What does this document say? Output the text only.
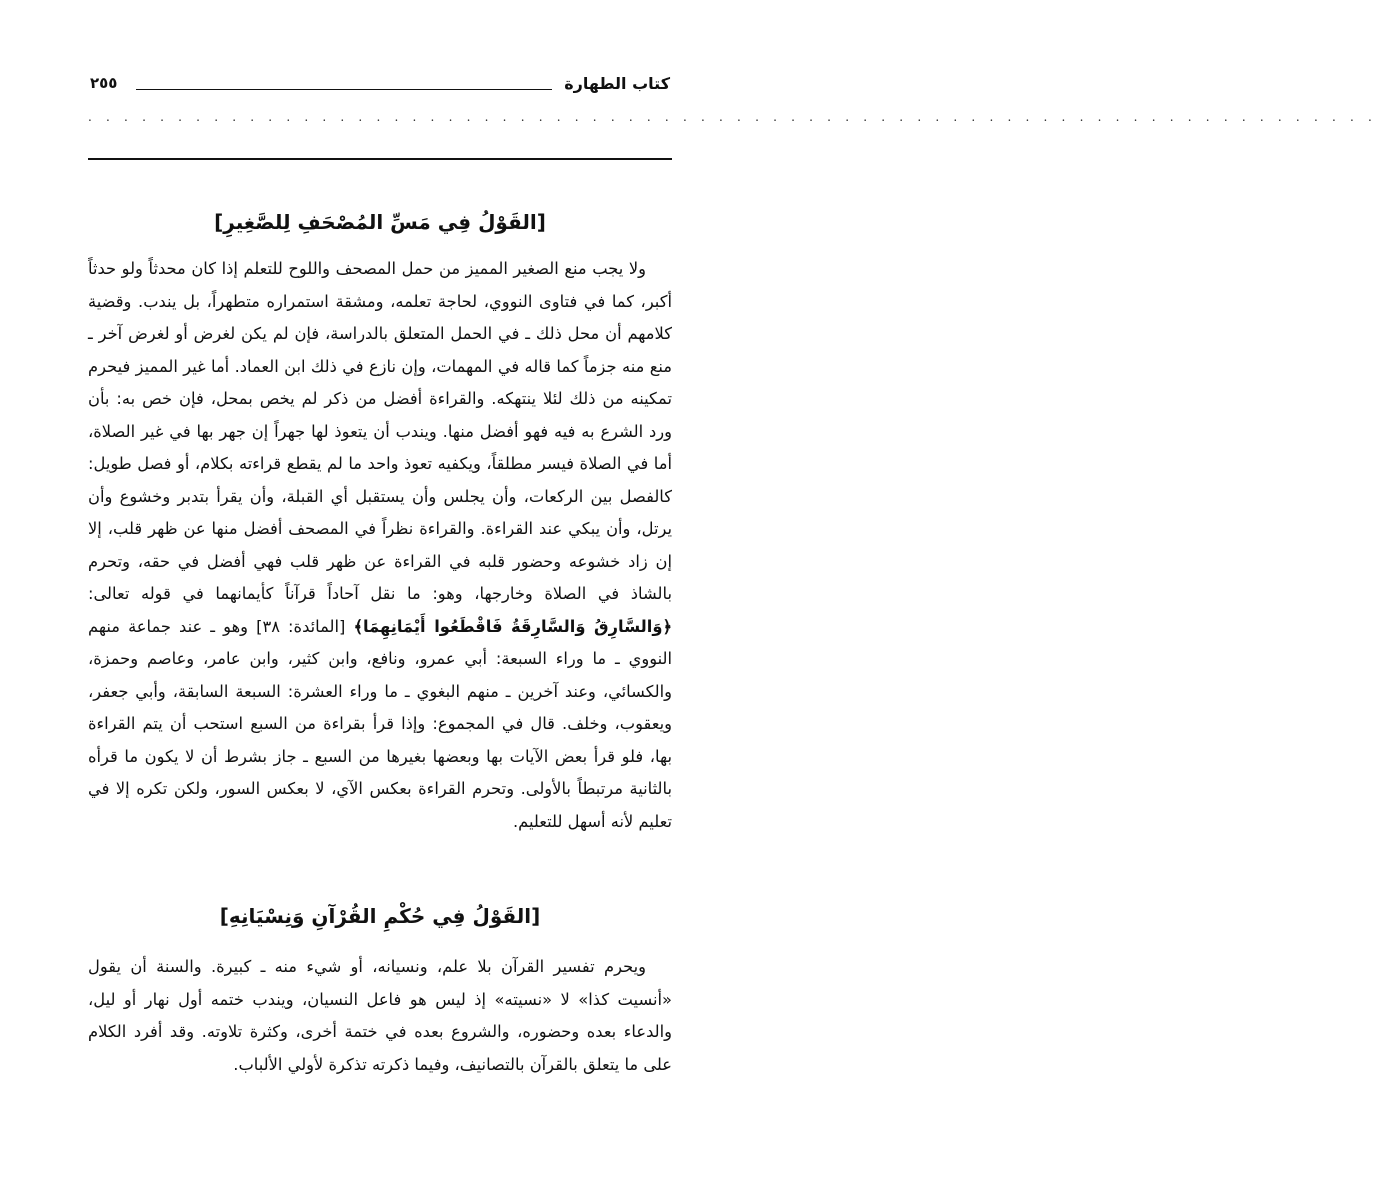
كتاب الطهارة
٢٥٥
. . . . . . . . . . . . . . . . . . . . . . . . . . . . . . . . . . . . . . . . . . . . . . . . . . . . . . . . . . . . . . . . . . . . . . . .
[القَوْلُ فِي مَسِّ المُصْحَفِ لِلصَّغِيرِ]
ولا يجب منع الصغير المميز من حمل المصحف واللوح للتعلم إذا كان محدثاً ولو حدثاً أكبر، كما في فتاوى النووي، لحاجة تعلمه، ومشقة استمراره متطهراً، بل يندب. وقضية كلامهم أن محل ذلك ـ في الحمل المتعلق بالدراسة، فإن لم يكن لغرض أو لغرض آخر ـ منع منه جزماً كما قاله في المهمات، وإن نازع في ذلك ابن العماد. أما غير المميز فيحرم تمكينه من ذلك لئلا ينتهكه. والقراءة أفضل من ذكر لم يخص بمحل، فإن خص به: بأن ورد الشرع به فيه فهو أفضل منها. ويندب أن يتعوذ لها جهراً إن جهر بها في غير الصلاة، أما في الصلاة فيسر مطلقاً، ويكفيه تعوذ واحد ما لم يقطع قراءته بكلام، أو فصل طويل: كالفصل بين الركعات، وأن يجلس وأن يستقبل أي القبلة، وأن يقرأ بتدبر وخشوع وأن يرتل، وأن يبكي عند القراءة. والقراءة نظراً في المصحف أفضل منها عن ظهر قلب، إلا إن زاد خشوعه وحضور قلبه في القراءة عن ظهر قلب فهي أفضل في حقه، وتحرم بالشاذ في الصلاة وخارجها، وهو: ما نقل آحاداً قرآناً كأيمانهما في قوله تعالى: ﴿وَالسَّارِقُ وَالسَّارِقَةُ فَاقْطَعُوا أَيْمَانِهِمَا﴾ [المائدة: ٣٨] وهو ـ عند جماعة منهم النووي ـ ما وراء السبعة: أبي عمرو، ونافع، وابن كثير، وابن عامر، وعاصم وحمزة، والكسائي، وعند آخرين ـ منهم البغوي ـ ما وراء العشرة: السبعة السابقة، وأبي جعفر، ويعقوب، وخلف. قال في المجموع: وإذا قرأ بقراءة من السبع استحب أن يتم القراءة بها، فلو قرأ بعض الآيات بها وبعضها بغيرها من السبع ـ جاز بشرط أن لا يكون ما قرأه بالثانية مرتبطاً بالأولى. وتحرم القراءة بعكس الآي، لا بعكس السور، ولكن تكره إلا في تعليم لأنه أسهل للتعليم.
[القَوْلُ فِي حُكْمِ القُرْآنِ وَنِسْيَانِهِ]
ويحرم تفسير القرآن بلا علم، ونسيانه، أو شيء منه ـ كبيرة. والسنة أن يقول «أنسيت كذا» لا «نسيته» إذ ليس هو فاعل النسيان، ويندب ختمه أول نهار أو ليل، والدعاء بعده وحضوره، والشروع بعده في ختمة أخرى، وكثرة تلاوته. وقد أفرد الكلام على ما يتعلق بالقرآن بالتصانيف، وفيما ذكرته تذكرة لأولي الألباب.
